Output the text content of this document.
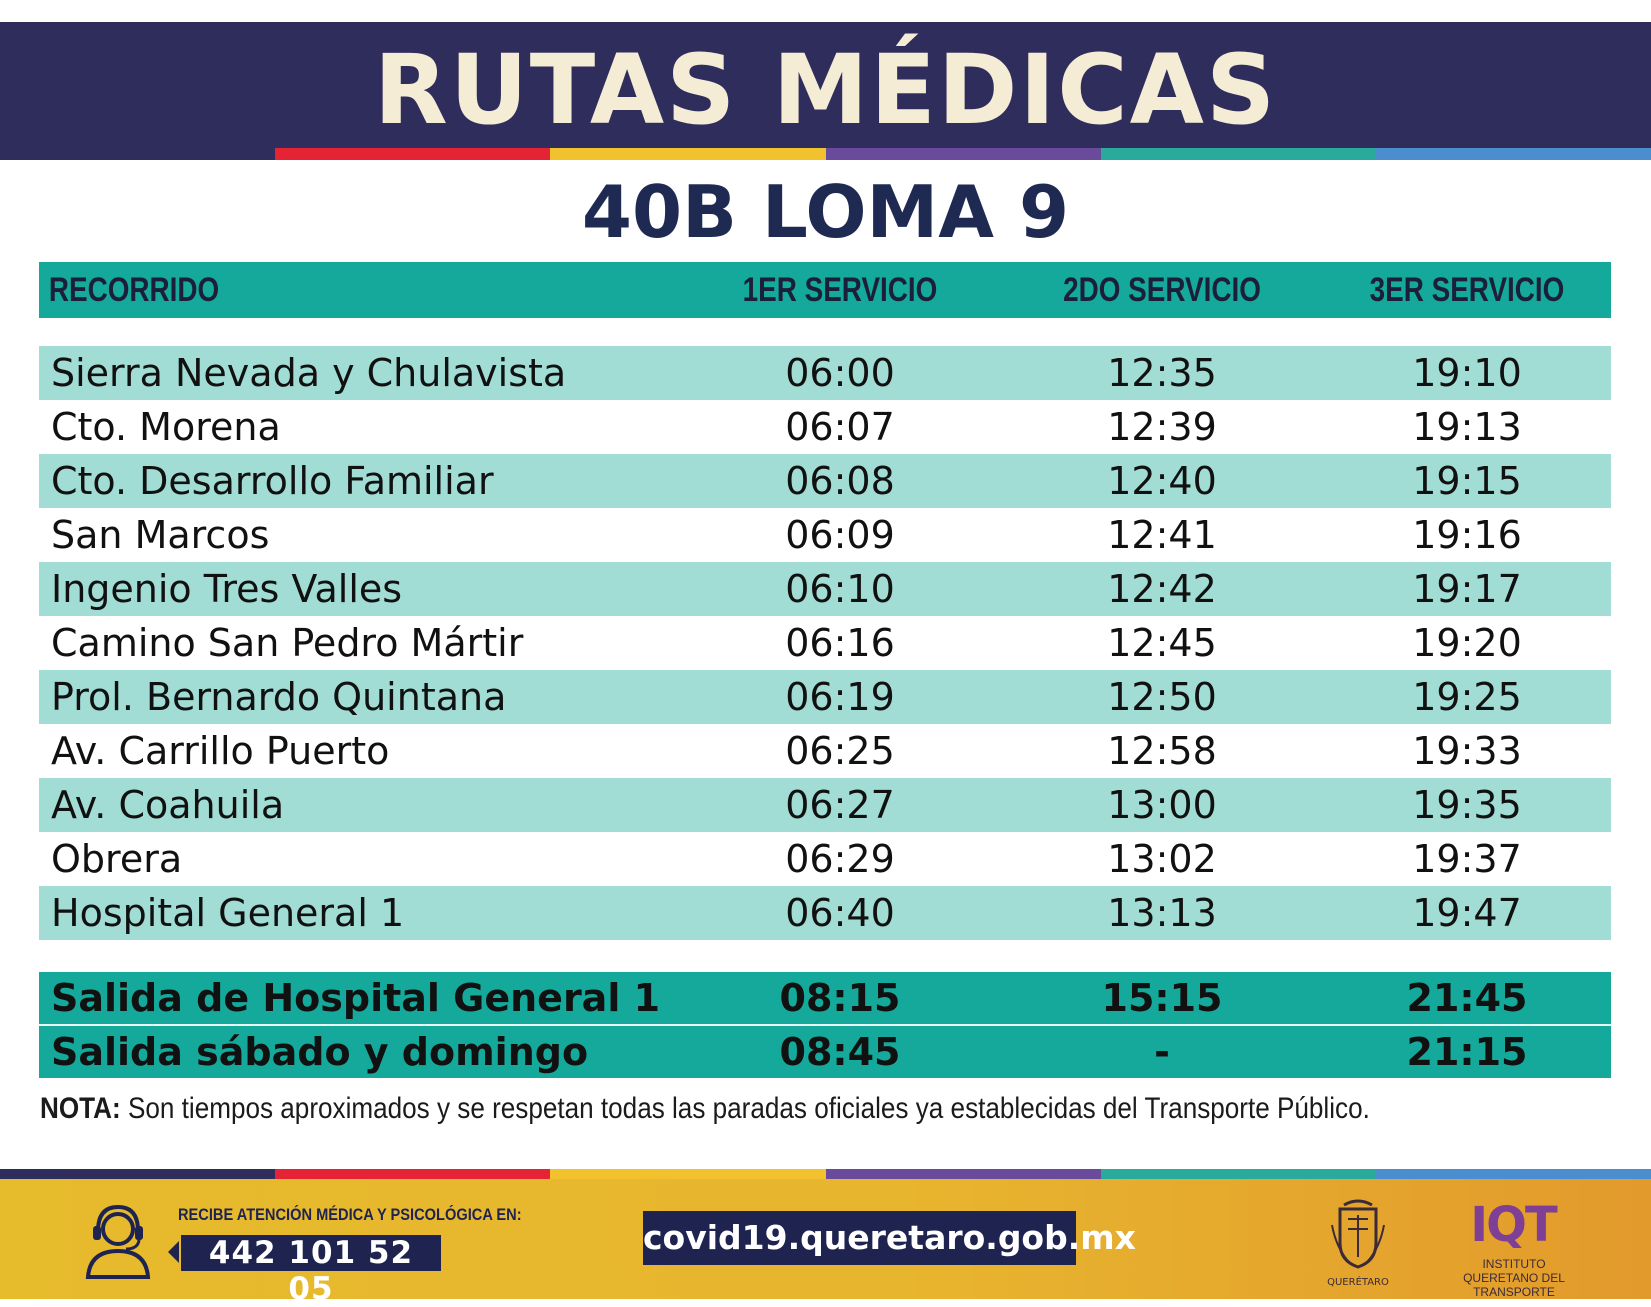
RUTAS MÉDICAS
40B LOMA 9
RECORRIDO	1ER SERVICIO	2DO SERVICIO	3ER SERVICIO
Sierra Nevada y Chulavista	06:00	12:35	19:10
Cto. Morena	06:07	12:39	19:13
Cto. Desarrollo Familiar	06:08	12:40	19:15
San Marcos	06:09	12:41	19:16
Ingenio Tres Valles	06:10	12:42	19:17
Camino San Pedro Mártir	06:16	12:45	19:20
Prol. Bernardo Quintana	06:19	12:50	19:25
Av. Carrillo Puerto	06:25	12:58	19:33
Av. Coahuila	06:27	13:00	19:35
Obrera	06:29	13:02	19:37
Hospital General 1	06:40	13:13	19:47
Salida de Hospital General 1	08:15	15:15	21:45
Salida sábado y domingo	08:45	-	21:15
NOTA: Son tiempos aproximados y se respetan todas las paradas oficiales ya establecidas del Transporte Público.
RECIBE ATENCIÓN MÉDICA Y PSICOLÓGICA EN:
442 101 52 05
covid19.queretaro.gob.mx
QUERÉTARO
IQT
INSTITUTO QUERETANO DEL TRANSPORTE
